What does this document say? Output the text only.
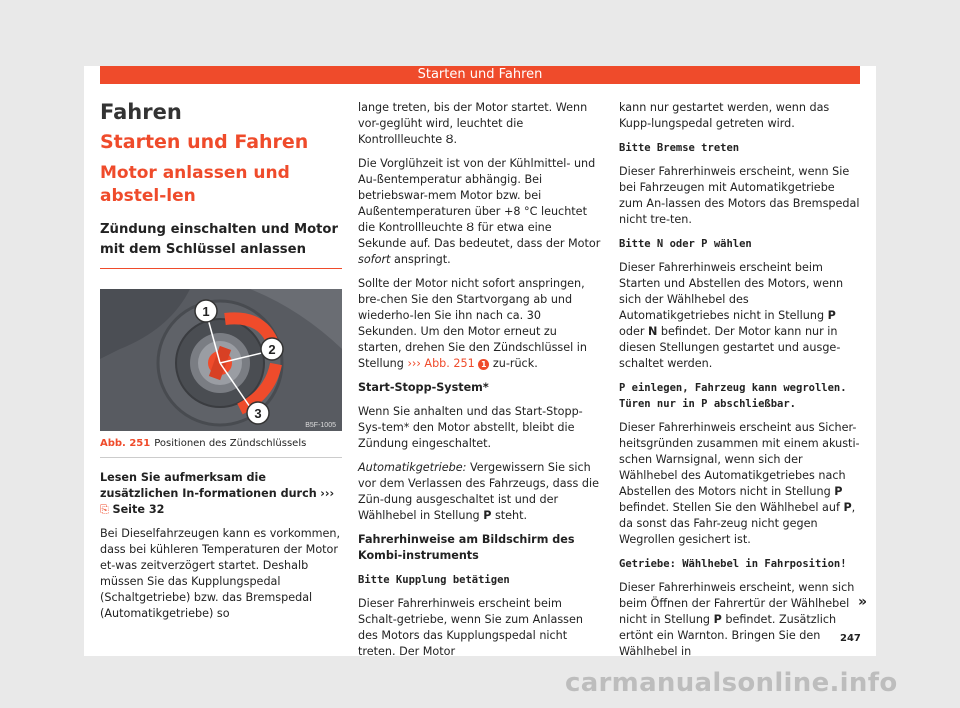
Starten und Fahren
Fahren
Starten und Fahren
Motor anlassen und abstel-len
Zündung einschalten und Motor mit dem Schlüssel anlassen
1
2
3
B5F-1005
Abb. 251 Positionen des Zündschlüssels

Lesen Sie aufmerksam die zusätzlichen In-formationen durch ››› ⎘ Seite 32

Bei Dieselfahrzeugen kann es vorkommen, dass bei kühleren Temperaturen der Motor et-was zeitverzögert startet. Deshalb müssen Sie das Kupplungspedal (Schaltgetriebe) bzw. das Bremspedal (Automatikgetriebe) so

lange treten, bis der Motor startet. Wenn vor-geglüht wird, leuchtet die Kontrollleuchte Ȣ.

Die Vorglühzeit ist von der Kühlmittel- und Au-ßentemperatur abhängig. Bei betriebswar-mem Motor bzw. bei Außentemperaturen über +8 °C leuchtet die Kontrollleuchte Ȣ für etwa eine Sekunde auf. Das bedeutet, dass der Motor sofort anspringt.

Sollte der Motor nicht sofort anspringen, bre-chen Sie den Startvorgang ab und wiederho-len Sie ihn nach ca. 30 Sekunden. Um den Motor erneut zu starten, drehen Sie den Zündschlüssel in Stellung ››› Abb. 251 1 zu-rück.

Start-Stopp-System*

Wenn Sie anhalten und das Start-Stopp-Sys-tem* den Motor abstellt, bleibt die Zündung eingeschaltet.

Automatikgetriebe: Vergewissern Sie sich vor dem Verlassen des Fahrzeugs, dass die Zün-dung ausgeschaltet ist und der Wählhebel in Stellung P steht.

Fahrerhinweise am Bildschirm des Kombi-instruments

Bitte Kupplung betätigen

Dieser Fahrerhinweis erscheint beim Schalt-getriebe, wenn Sie zum Anlassen des Motors das Kupplungspedal nicht treten. Der Motor

kann nur gestartet werden, wenn das Kupp-lungspedal getreten wird.

Bitte Bremse treten

Dieser Fahrerhinweis erscheint, wenn Sie bei Fahrzeugen mit Automatikgetriebe zum An-lassen des Motors das Bremspedal nicht tre-ten.

Bitte N oder P wählen

Dieser Fahrerhinweis erscheint beim Starten und Abstellen des Motors, wenn sich der Wählhebel des Automatikgetriebes nicht in Stellung P oder N befindet. Der Motor kann nur in diesen Stellungen gestartet und ausge-schaltet werden.

P einlegen, Fahrzeug kann wegrollen. Türen nur in P abschließbar.

Dieser Fahrerhinweis erscheint aus Sicher-heitsgründen zusammen mit einem akusti-schen Warnsignal, wenn sich der Wählhebel des Automatikgetriebes nach Abstellen des Motors nicht in Stellung P befindet. Stellen Sie den Wählhebel auf P, da sonst das Fahr-zeug nicht gegen Wegrollen gesichert ist.

Getriebe: Wählhebel in Fahrposition!

Dieser Fahrerhinweis erscheint, wenn sich beim Öffnen der Fahrertür der Wählhebel nicht in Stellung P befindet. Zusätzlich ertönt ein Warnton. Bringen Sie den Wählhebel in

»
247
carmanualsonline.info
